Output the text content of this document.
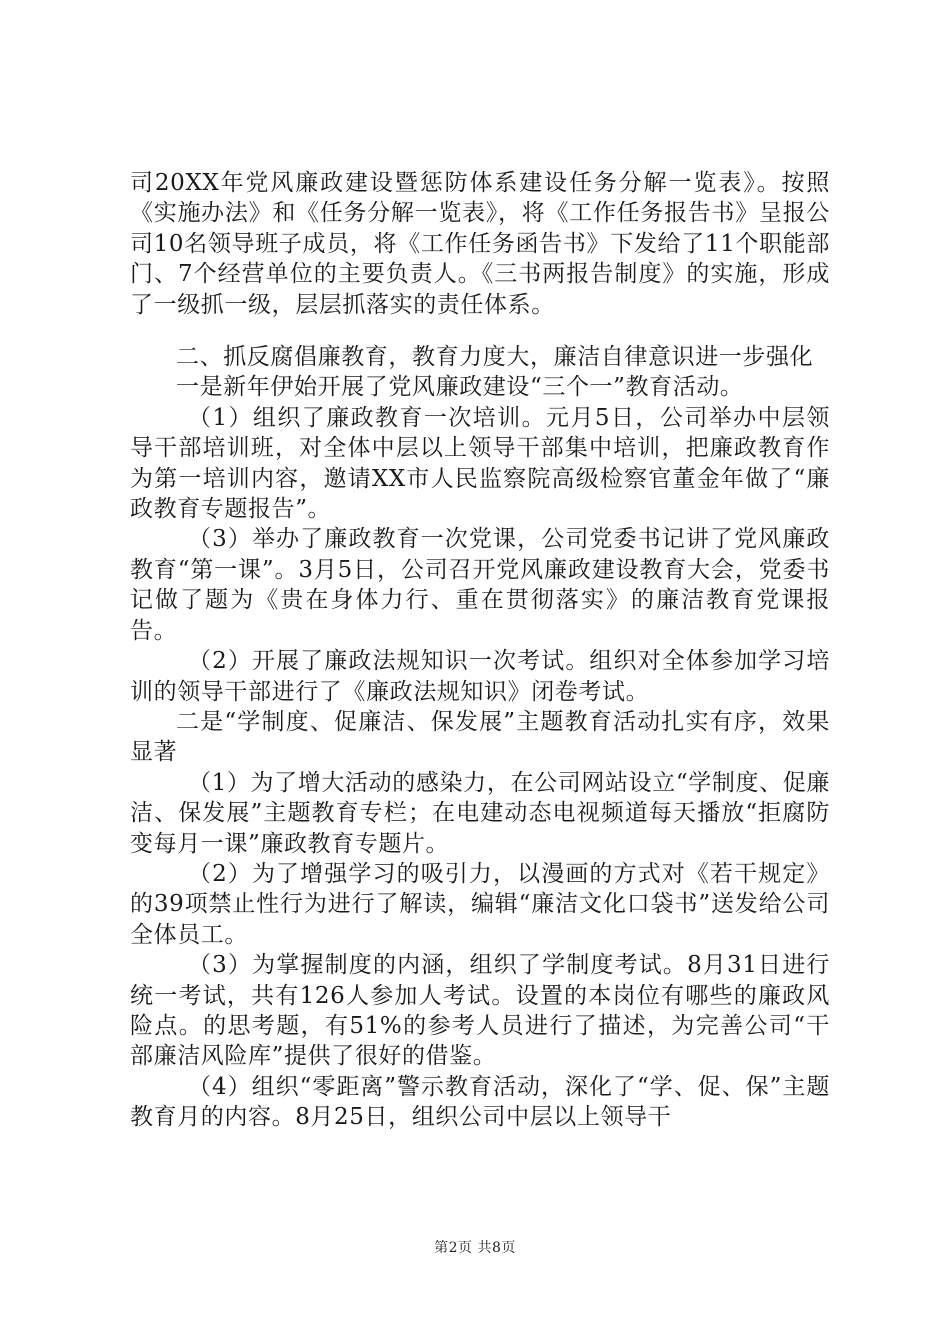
司20XX年党风廉政建设暨惩防体系建设任务分解一览表》。按照《实施办法》和《任务分解一览表》，将《工作任务报告书》呈报公司10名领导班子成员，将《工作任务函告书》下发给了11个职能部门、7个经营单位的主要负责人。《三书两报告制度》的实施，形成了一级抓一级，层层抓落实的责任体系。

二、抓反腐倡廉教育，教育力度大，廉洁自律意识进一步强化

一是新年伊始开展了党风廉政建设“三个一”教育活动。

（1）组织了廉政教育一次培训。元月5日，公司举办中层领导干部培训班，对全体中层以上领导干部集中培训，把廉政教育作为第一培训内容，邀请XX市人民监察院高级检察官董金年做了“廉政教育专题报告”。

（3）举办了廉政教育一次党课，公司党委书记讲了党风廉政教育“第一课”。3月5日，公司召开党风廉政建设教育大会，党委书记做了题为《贵在身体力行、重在贯彻落实》的廉洁教育党课报告。

（2）开展了廉政法规知识一次考试。组织对全体参加学习培训的领导干部进行了《廉政法规知识》闭卷考试。

二是“学制度、促廉洁、保发展”主题教育活动扎实有序，效果显著

（1）为了增大活动的感染力，在公司网站设立“学制度、促廉洁、保发展”主题教育专栏；在电建动态电视频道每天播放“拒腐防变每月一课”廉政教育专题片。

（2）为了增强学习的吸引力，以漫画的方式对《若干规定》的39项禁止性行为进行了解读，编辑“廉洁文化口袋书”送发给公司全体员工。

（3）为掌握制度的内涵，组织了学制度考试。8月31日进行统一考试，共有126人参加人考试。设置的本岗位有哪些的廉政风险点。的思考题，有51%的参考人员进行了描述，为完善公司“干部廉洁风险库”提供了很好的借鉴。

（4）组织“零距离”警示教育活动，深化了“学、促、保”主题教育月的内容。8月25日，组织公司中层以上领导干

第2页 共8页
